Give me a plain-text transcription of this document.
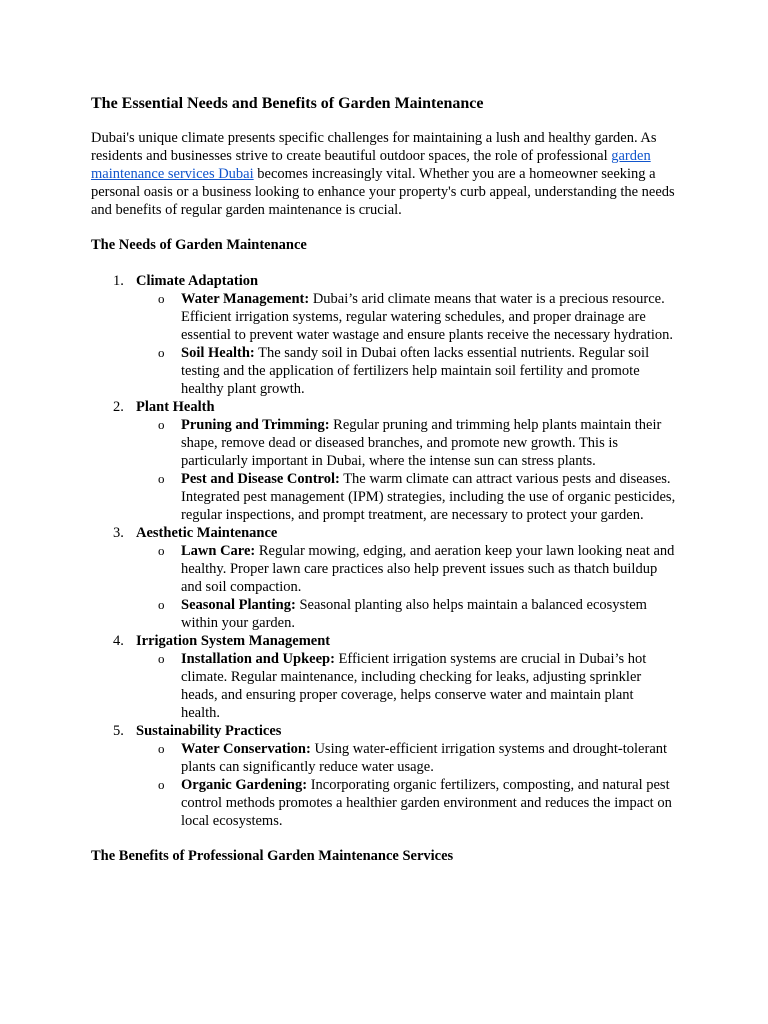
The Essential Needs and Benefits of Garden Maintenance

Dubai's unique climate presents specific challenges for maintaining a lush and healthy garden. As residents and businesses strive to create beautiful outdoor spaces, the role of professional garden maintenance services Dubai becomes increasingly vital. Whether you are a homeowner seeking a personal oasis or a business looking to enhance your property's curb appeal, understanding the needs and benefits of regular garden maintenance is crucial.

The Needs of Garden Maintenance
1. Climate Adaptation
o Water Management: Dubai’s arid climate means that water is a precious resource. Efficient irrigation systems, regular watering schedules, and proper drainage are essential to prevent water wastage and ensure plants receive the necessary hydration.
o Soil Health: The sandy soil in Dubai often lacks essential nutrients. Regular soil testing and the application of fertilizers help maintain soil fertility and promote healthy plant growth.
2. Plant Health
o Pruning and Trimming: Regular pruning and trimming help plants maintain their shape, remove dead or diseased branches, and promote new growth. This is particularly important in Dubai, where the intense sun can stress plants.
o Pest and Disease Control: The warm climate can attract various pests and diseases. Integrated pest management (IPM) strategies, including the use of organic pesticides, regular inspections, and prompt treatment, are necessary to protect your garden.
3. Aesthetic Maintenance
o Lawn Care: Regular mowing, edging, and aeration keep your lawn looking neat and healthy. Proper lawn care practices also help prevent issues such as thatch buildup and soil compaction.
o Seasonal Planting: Seasonal planting also helps maintain a balanced ecosystem within your garden.
4. Irrigation System Management
o Installation and Upkeep: Efficient irrigation systems are crucial in Dubai’s hot climate. Regular maintenance, including checking for leaks, adjusting sprinkler heads, and ensuring proper coverage, helps conserve water and maintain plant health.
5. Sustainability Practices
o Water Conservation: Using water-efficient irrigation systems and drought-tolerant plants can significantly reduce water usage.
o Organic Gardening: Incorporating organic fertilizers, composting, and natural pest control methods promotes a healthier garden environment and reduces the impact on local ecosystems.
The Benefits of Professional Garden Maintenance Services
